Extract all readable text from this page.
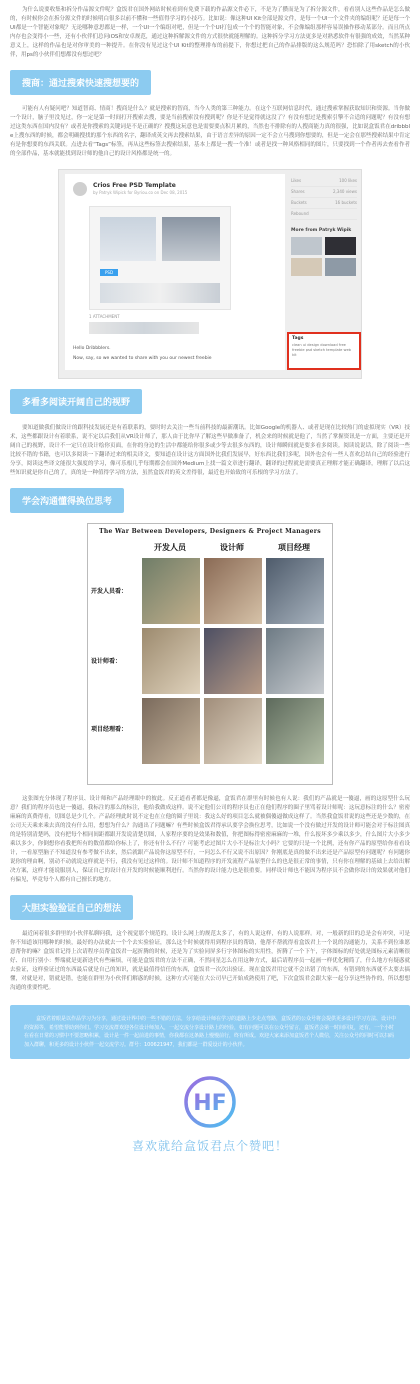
为什么说要收集和拆分作品源文件呢？盒饭君在国外网站时候看到有免费下载的作品源文件必下，不是为了攒而是为了拆分源文件，看看别人这些作品是怎么做的，有时候你会在拆分源文件的时候明白很多以前不懂和一些值得学习的小技巧。比如说：像这种UI Kit全部是源文件，是每一个UI一个文件夹的编组呢？还是每一个UI都是一个智能对象呢？无论哪种意思都是一样，一个UI一个编组对吧，但是一个个UI打包成一个个的智能对象，不会像编组那样容易误操作移动某部分。而且所点内存也会变得小一些，还有小伙伴们总问iOS和安卓规范，通过这种拆解源文件的方式很快就能理解的。这种拆分学习方法更多是对熟悉软件有很强的成效，当然某种意义上，这样的作品也是对你审美的一种提升。在你没有见过这个UI Kit的整理排布的前提下，你想过把自己的作品排版的这么规范吗？恐怕除了用sketch的小伙伴，用ps的小伙伴们想都没有想过吧？

搜商：通过搜索快速搜想要的

可能有人有疑问吧？知道智商、情商！搜商是什么？就是搜索的智商，当今人类的第三种能力。在这个互联网信息时代，通过搜索掌握获取知识和资源。当你做一个设计，脑子里没见过，你一定是第一时间打开搜索去搜，要是当前搜索没有搜到呢？你是不是觉得就这没了？有没有想过是搜索引擎不合适的问题呢？有没有想过这类东西在国内没有？或者是你搜索的关键词是不是正确的？搜搜这玩意也是需要要点积月累的，当然也不排除有的人搜商能力真的很强，比如说盒饭君在dribbble上搜东西的时候，都会明确搜找的那个东西的名字，翻译成英文再去搜索结果，由于语言差异的原因一定不会立马搜到你想要的，但是一定会在那些搜索结果中肯定有是你想要的东西关联。点进去看“Tags”标签，再从这些标签去搜索结果，基本上都是一搜一个准！或者是找一种风格相同的图片，只要找到一个作者再去查看作者的全部作品，基本就能找到设计师的他自己的设计风格都是统一的。

Crios Free PSD Template
by Patryk Wipick for Byriou.co on Dec 08, 2015
PSD
1 ATTACHMENT
Hello Dribbblers.
Now, say, so we wanted to share with you our newest freebie
Likes	100 likes
Shares	2,340 views
Buckets	16 buckets
Rebound
More from Patryk Wipik
Tags
clean ui design download free
freebie psd sketch template web kit
多看多阅读开阔自己的视野

要知道做我们做设计的跟科技发展还是有着联系的，要时时去关注一些当前科技的最新潮讯。比如Google的机器人、或者是现在比较热门的虚拟现实（VR）技术，这些都跟设计有着联系，说不定以后我们从VR设计师了，那人由于比你早了解这些早做准备了，机会来的时候就是他了，当然了掌握资讯是一方面，主要还是开阔自己的视野，设计不一定只在设计绘你页面，在你的身边的生活中都能给你很多或少等去很多东西的，设计师瞬间就是要多看多阅读。阅读说说话，除了阅读一些比较不错的书籍，也可以多阅读一下翻译过来的相关译文，要知道在设计这方面国外比我们发展早，好东西比我们多呢，国外也会有一些人喜欢总结自己的经验进行分享，阅读这些译文能很大强度的学习，像可乐根几乎每期都会在国外Medium上找一篇文章进行翻译，翻译的过程就是需要真正理解才能正确翻译，理解了以后这些知识就是你自己的了，真的是一种值得学习的方法，虽然盒饭君的英文差得很，最近也开始致的可乐根的学习方法了。

学会沟通懂得换位思考
The War Between Developers, Designers & Project Managers
开发人员	设计师	项目经理
开发人员看：
设计师看：
项目经理看：

这张图充分体现了程序员、设计师和产品经理眼中的彼此。反正道看者都是像逼，盒饭君在群里有时候也有人说：我们的产品就是一傻逼，画的这原型什么玩意？我们的程序员也是一傻逼，我标注的那么的标注，他给我做成这样。说不定他们公司的程序员也正在他们程序的圈子里骂着设计师呢：这玩意标注的什么？密密麻麻的真费得看，切图总是少几个。产品经理此时说不定也在立他的圈子里说：我这么好的项目怎么就被偶傻逼做成这样了。当然我盒饭君说的这些还是少数的，在公司天天乘来乘去真的没有什么用，想想为什么？沟通出了问题嘛？有些时候盒饭君得承认要学会换位思考，比如说一个没有做过开发的设计师可能会对于标注图真的是特别清楚吗，没有把每个相同间距都跟开发说清楚切图，人家程序要的是效果和数值，你把图标得密密麻麻的一堆，什么报坏多少乘以多少，什么图片大小多少乘以多少，你倒想你看我把所有的数值都给你标上了，你还有什么不行？可能考虑过图片大小不是标注大小吗？它要的只是一个比例，还有你产品的原型给你看看设计，一看原型脑子不知道没有参考做不出来，然后就跟产品说你这原型不行，一问怎么不行又说不出原因？你刚底是真的做不出来还是产品原型有问题呢？有问题你说你的理由啊，别动不动就说这样就是不行，我没有见过这样的。设计师不知道程序的开发流程产品原型什么的也是很正常的事情，只有你在理解的基础上去给出解决方案，这样才能说服别人，保证自己的设计在开发的时候能顺利进行。当然你的设计能力也是很重要。同样设计师也不能因为程序员不会做你设计的效果就对他们有偏见，毕竟每个人都有自己擅长的地方。

大胆实验验证自己的想法

最近闲着很多群里的小伙伴私聊问我，这个视觉那个规范的，设计么网上的规范太多了，有的人说这样，有的人说那样。对，一般新的旧的总是会有冲突，可是你不知道该用哪种的时候，最好的办法就去一个个去实验验证，那么这个时候就得用到程序员的帮助，他帮不帮就得看盒饭君上一个说的沟通能力，关系不到位谁愿意帮你的嘛？盒饭君记得上次请程序员帮盒饭君一起折腾的时候，还是为了实验同屏多行字体图标的实用性，折腾了一个下午，字体图标的好处就是图标元素清晰很好、自用行别小：弊端就是更新迭代有些麻烦，可能是盒饭君的方法不正确，不然同星怎么在用这种方式，最后请程序员一起画一样优化精简了，什么地方有疑惑就去验证，这样验证过的东西最后就是自己的知识，就是最值得信任的东西，盒饭君一次次出验证。现在盒饭君用它就不会出错了的东西，有错到的东西就不太要去搞懂，对就是对，错就是错，也能在群里为小伙伴们解惑的时候，这种方式可能在大公司早已开始成熟使用了吧，下次盒饭君会跟大家一起分享这些协作的，所以想想沟通的重要性吧。

盒饭君着眼是以作品学习为分享，通过设计界中的一些不错的方法，分享给设计师在学习的道路上少走点弯路，盒饭君的公众号将会提供更多设计学习方法、设计中的资源等，希望能帮助到你们。学习交流群欢迎各位设计师加入，一起交流分享设计路上的经验，如有问题可以在公众号留言，盒饭君会第一时间回复，还有，一个小时在看在日常的习惯中不要忽略积累，设计是一件一起前进的事情，你我都在这条路上慢慢前行，终有所成。欢迎大家来添加盒饭君个人微信，关注公众号的同时可以扫码加入群聊，和更多的设计小伙伴一起交流学习。群号：100621947，我们都是一群爱设计的小伙伴。
HF
喜欢就给盒饭君点个赞吧！
